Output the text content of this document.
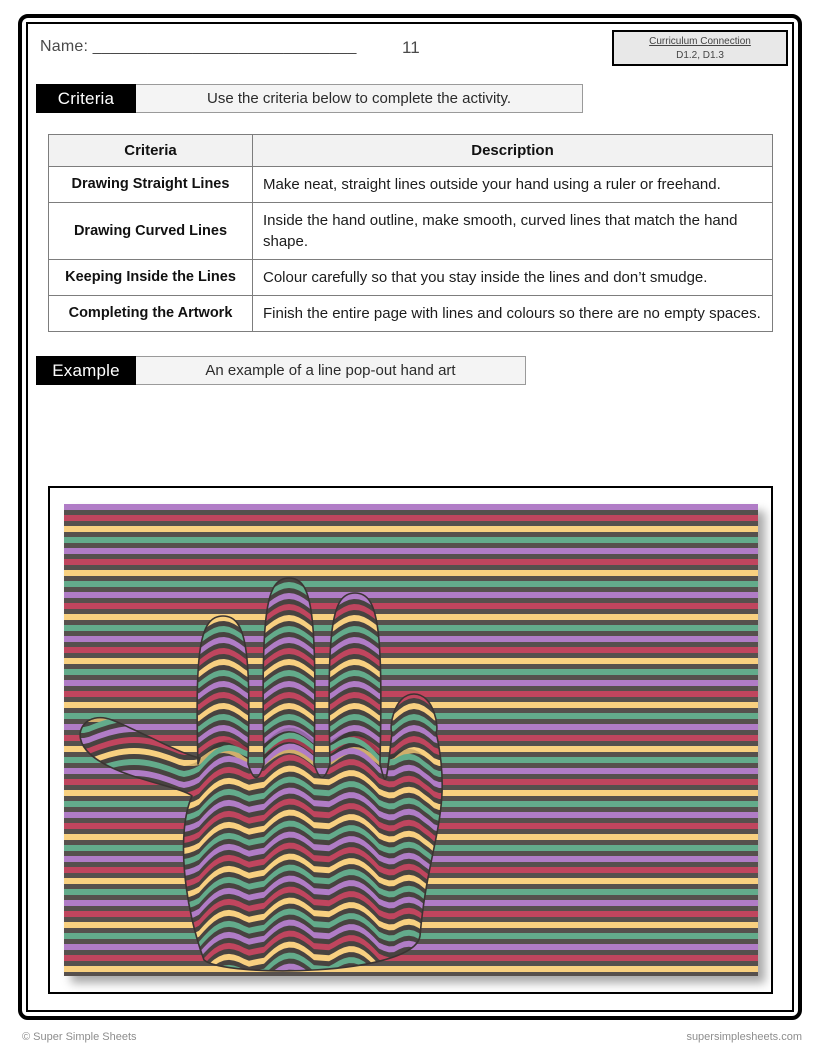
Name: _____________________________	11	Curriculum Connection
D1.2, D1.3
Criteria	Use the criteria below to complete the activity.
Criteria	Description
Drawing Straight Lines	Make neat, straight lines outside your hand using a ruler or freehand.
Drawing Curved Lines	Inside the hand outline, make smooth, curved lines that match the hand shape.
Keeping Inside the Lines	Colour carefully so that you stay inside the lines and don’t smudge.
Completing the Artwork	Finish the entire page with lines and colours so there are no empty spaces.
Example	An example of a line pop-out hand art
© Super Simple Sheets	supersimplesheets.com
